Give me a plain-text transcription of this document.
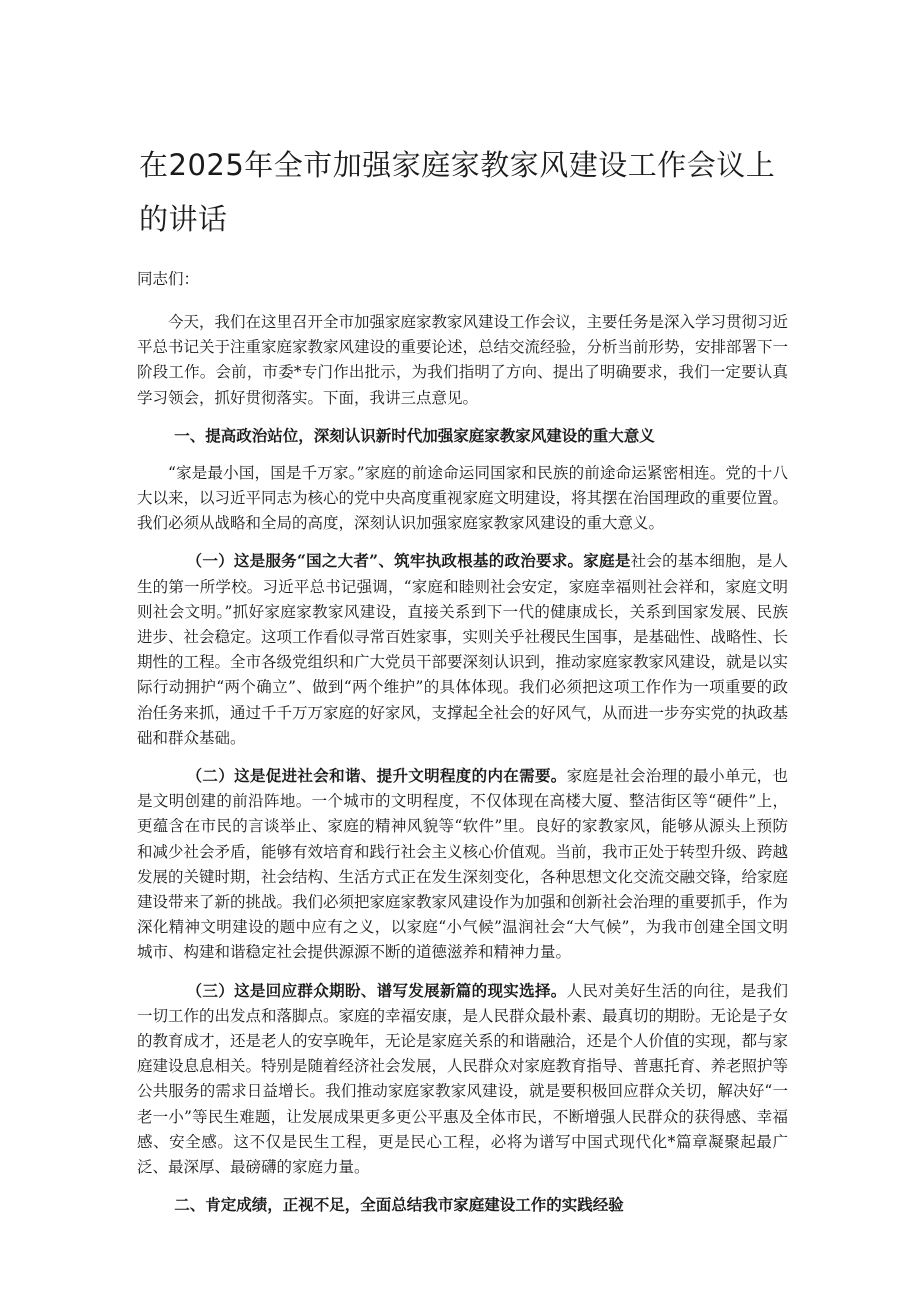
在2025年全市加强家庭家教家风建设工作会议上的讲话

同志们：

今天，我们在这里召开全市加强家庭家教家风建设工作会议，主要任务是深入学习贯彻习近平总书记关于注重家庭家教家风建设的重要论述，总结交流经验，分析当前形势，安排部署下一阶段工作。会前，市委*专门作出批示，为我们指明了方向、提出了明确要求，我们一定要认真学习领会，抓好贯彻落实。下面，我讲三点意见。

一、提高政治站位，深刻认识新时代加强家庭家教家风建设的重大意义

“家是最小国，国是千万家。”家庭的前途命运同国家和民族的前途命运紧密相连。党的十八大以来，以习近平同志为核心的党中央高度重视家庭文明建设，将其摆在治国理政的重要位置。我们必须从战略和全局的高度，深刻认识加强家庭家教家风建设的重大意义。

（一）这是服务“国之大者”、筑牢执政根基的政治要求。家庭是社会的基本细胞，是人生的第一所学校。习近平总书记强调，“家庭和睦则社会安定，家庭幸福则社会祥和，家庭文明则社会文明。”抓好家庭家教家风建设，直接关系到下一代的健康成长，关系到国家发展、民族进步、社会稳定。这项工作看似寻常百姓家事，实则关乎社稷民生国事，是基础性、战略性、长期性的工程。全市各级党组织和广大党员干部要深刻认识到，推动家庭家教家风建设，就是以实际行动拥护“两个确立”、做到“两个维护”的具体体现。我们必须把这项工作作为一项重要的政治任务来抓，通过千千万万家庭的好家风，支撑起全社会的好风气，从而进一步夯实党的执政基础和群众基础。

（二）这是促进社会和谐、提升文明程度的内在需要。家庭是社会治理的最小单元，也是文明创建的前沿阵地。一个城市的文明程度，不仅体现在高楼大厦、整洁街区等“硬件”上，更蕴含在市民的言谈举止、家庭的精神风貌等“软件”里。良好的家教家风，能够从源头上预防和减少社会矛盾，能够有效培育和践行社会主义核心价值观。当前，我市正处于转型升级、跨越发展的关键时期，社会结构、生活方式正在发生深刻变化，各种思想文化交流交融交锋，给家庭建设带来了新的挑战。我们必须把家庭家教家风建设作为加强和创新社会治理的重要抓手，作为深化精神文明建设的题中应有之义，以家庭“小气候”温润社会“大气候”，为我市创建全国文明城市、构建和谐稳定社会提供源源不断的道德滋养和精神力量。

（三）这是回应群众期盼、谱写发展新篇的现实选择。人民对美好生活的向往，是我们一切工作的出发点和落脚点。家庭的幸福安康，是人民群众最朴素、最真切的期盼。无论是子女的教育成才，还是老人的安享晚年，无论是家庭关系的和谐融洽，还是个人价值的实现，都与家庭建设息息相关。特别是随着经济社会发展，人民群众对家庭教育指导、普惠托育、养老照护等公共服务的需求日益增长。我们推动家庭家教家风建设，就是要积极回应群众关切，解决好“一老一小”等民生难题，让发展成果更多更公平惠及全体市民，不断增强人民群众的获得感、幸福感、安全感。这不仅是民生工程，更是民心工程，必将为谱写中国式现代化*篇章凝聚起最广泛、最深厚、最磅礴的家庭力量。

二、肯定成绩，正视不足，全面总结我市家庭建设工作的实践经验
